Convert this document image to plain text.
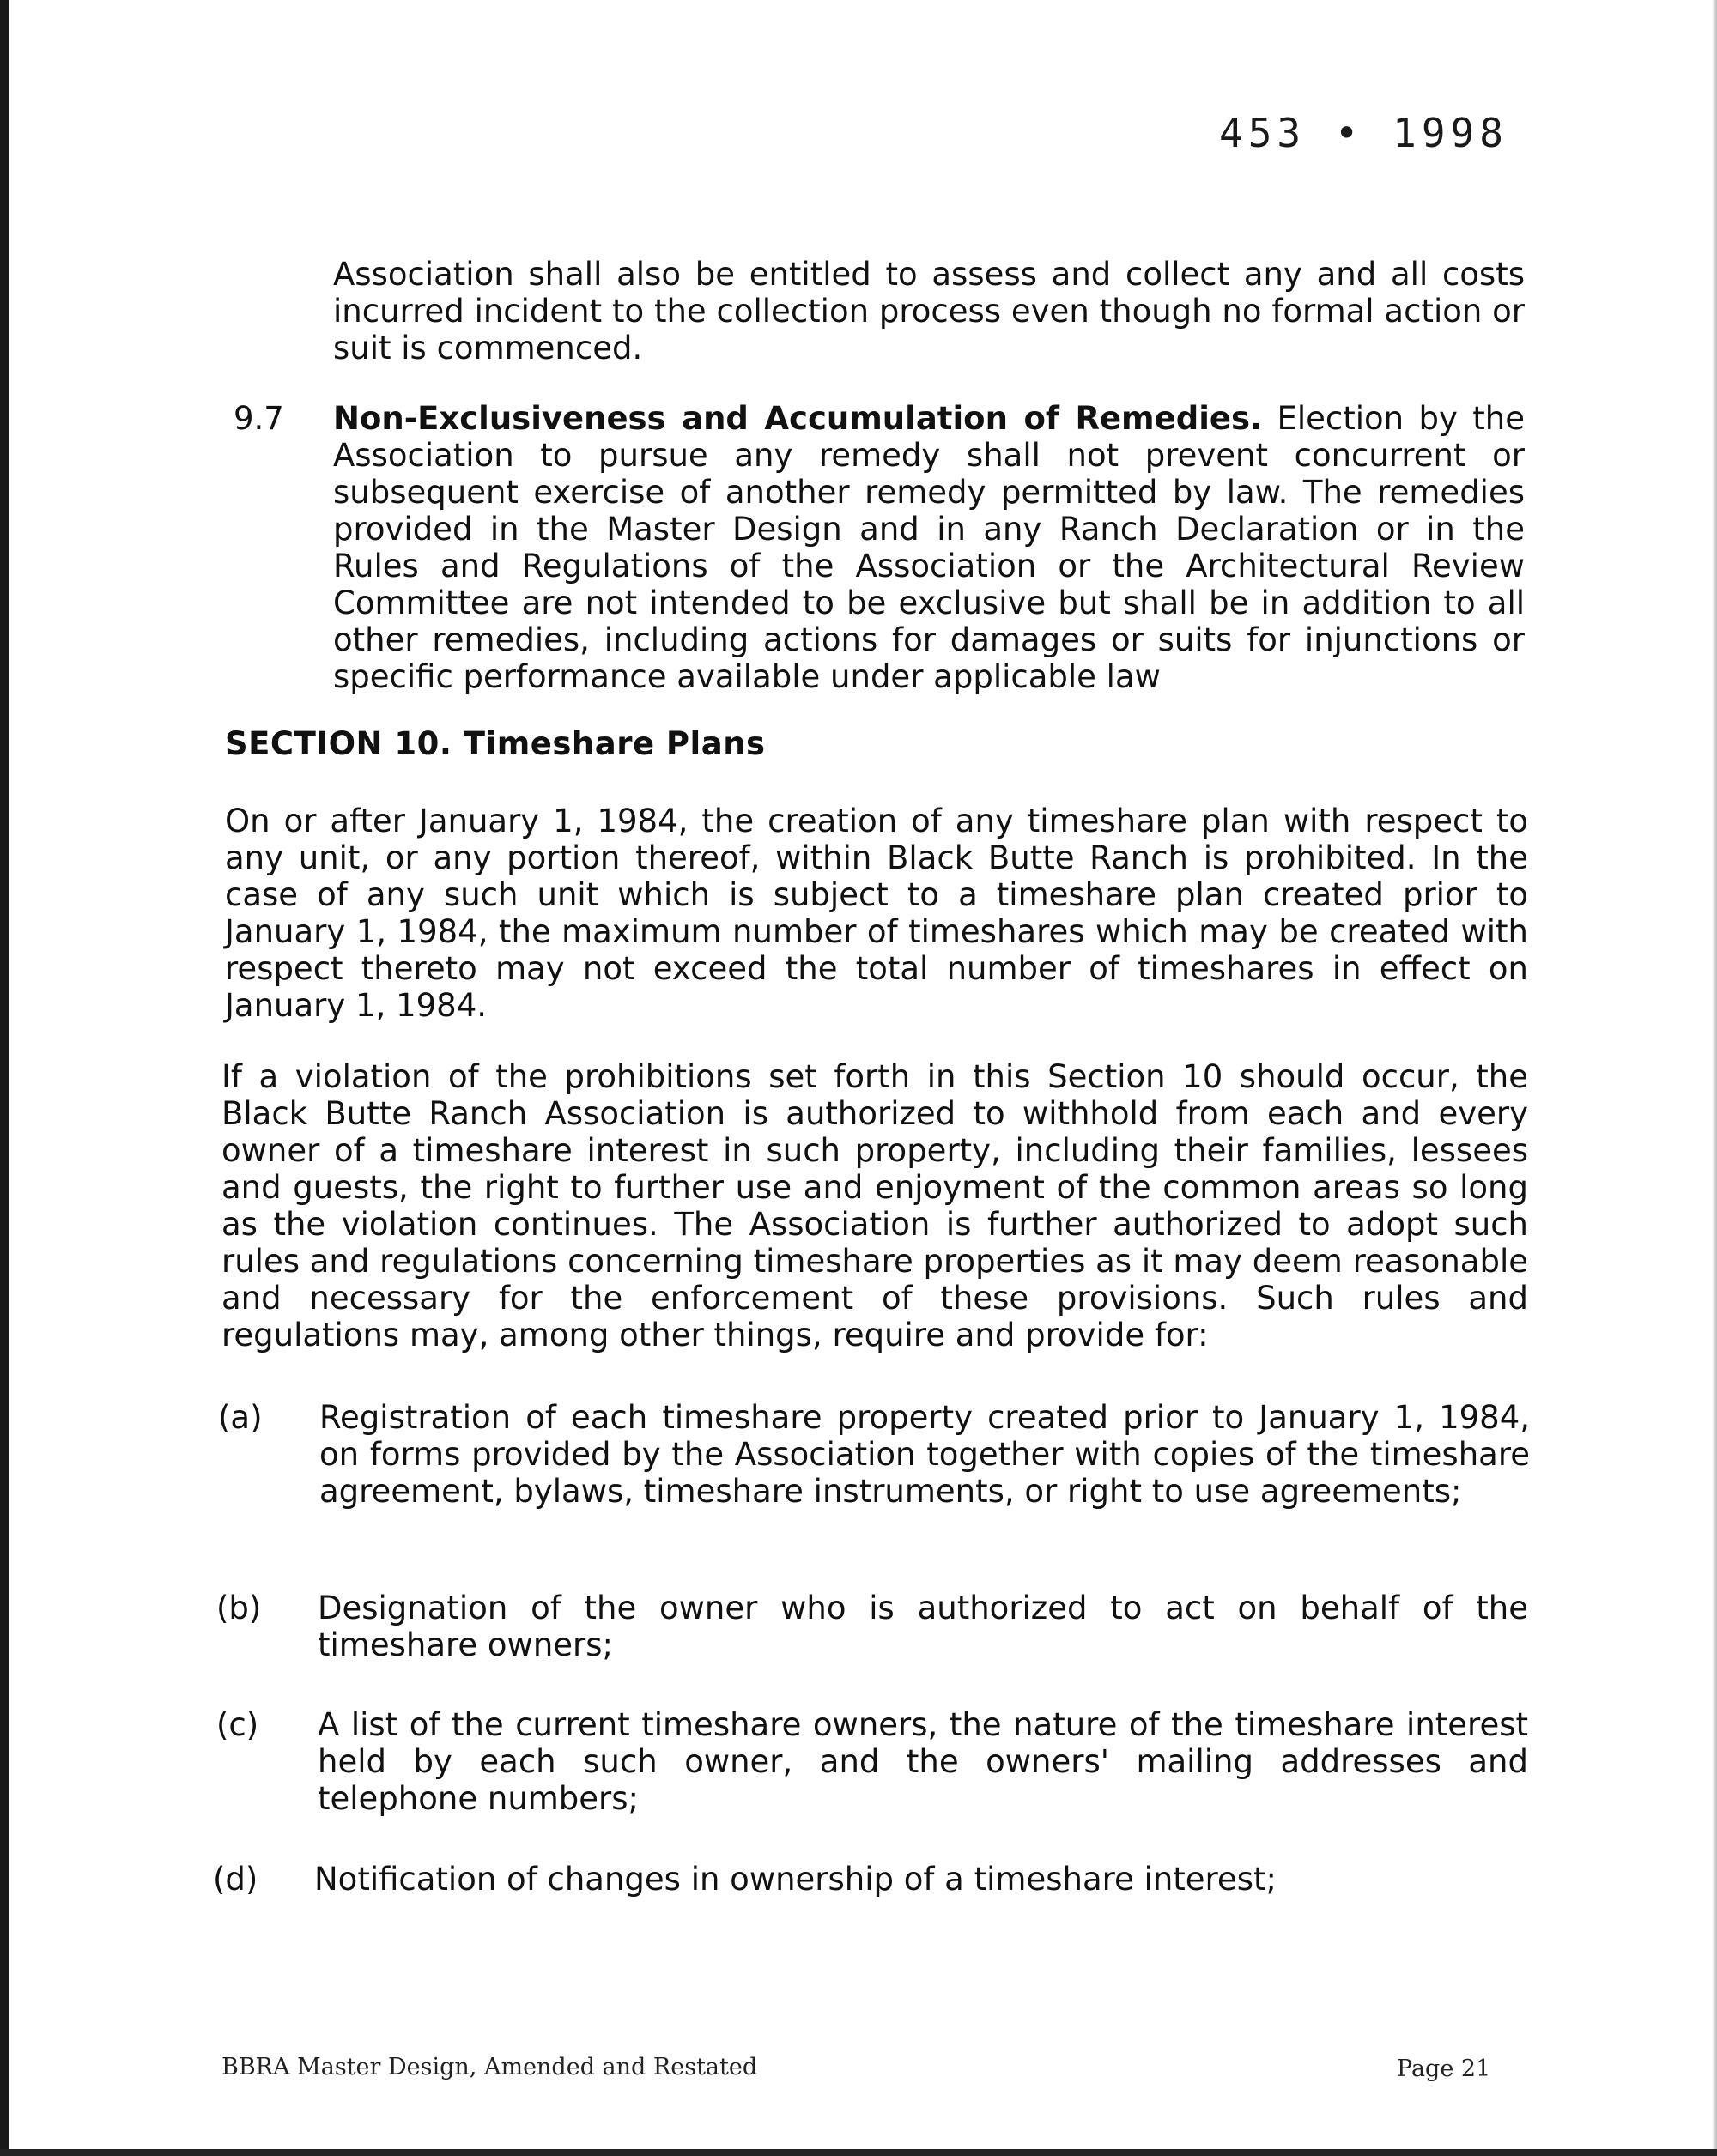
453 • 1998
Association shall also be entitled to assess and collect any and all costs incurred incident to the collection process even though no formal action or suit is commenced.
9.7 Non-Exclusiveness and Accumulation of Remedies. Election by the Association to pursue any remedy shall not prevent concurrent or subsequent exercise of another remedy permitted by law. The remedies provided in the Master Design and in any Ranch Declaration or in the Rules and Regulations of the Association or the Architectural Review Committee are not intended to be exclusive but shall be in addition to all other remedies, including actions for damages or suits for injunctions or specific performance available under applicable law
SECTION 10. Timeshare Plans
On or after January 1, 1984, the creation of any timeshare plan with respect to any unit, or any portion thereof, within Black Butte Ranch is prohibited. In the case of any such unit which is subject to a timeshare plan created prior to January 1, 1984, the maximum number of timeshares which may be created with respect thereto may not exceed the total number of timeshares in effect on January 1, 1984.
If a violation of the prohibitions set forth in this Section 10 should occur, the Black Butte Ranch Association is authorized to withhold from each and every owner of a timeshare interest in such property, including their families, lessees and guests, the right to further use and enjoyment of the common areas so long as the violation continues. The Association is further authorized to adopt such rules and regulations concerning timeshare properties as it may deem reasonable and necessary for the enforcement of these provisions. Such rules and regulations may, among other things, require and provide for:
(a) Registration of each timeshare property created prior to January 1, 1984, on forms provided by the Association together with copies of the timeshare agreement, bylaws, timeshare instruments, or right to use agreements;
(b) Designation of the owner who is authorized to act on behalf of the timeshare owners;
(c) A list of the current timeshare owners, the nature of the timeshare interest held by each such owner, and the owners' mailing addresses and telephone numbers;
(d) Notification of changes in ownership of a timeshare interest;
BBRA Master Design, Amended and Restated	Page 21
